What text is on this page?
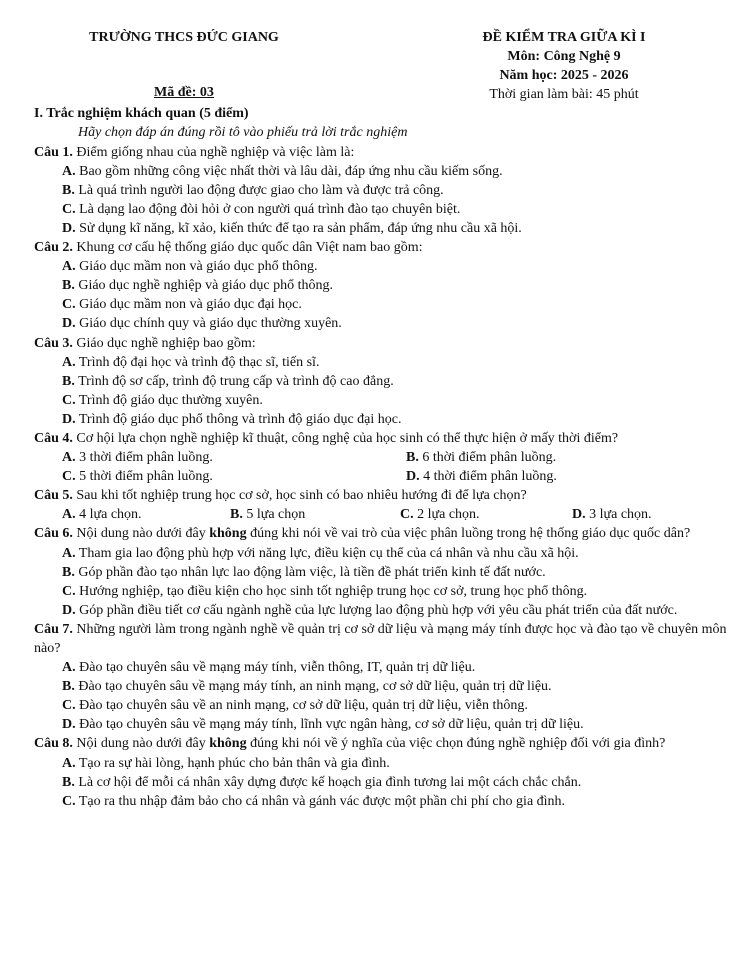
TRƯỜNG THCS ĐỨC GIANG
Mã đề: 03
ĐỀ KIỂM TRA GIỮA KÌ I
Môn: Công Nghệ 9
Năm học: 2025 - 2026
Thời gian làm bài: 45 phút
I. Trắc nghiệm khách quan (5 điểm)
Hãy chọn đáp án đúng rồi tô vào phiếu trả lời trắc nghiệm
Câu 1. Điểm giống nhau của nghề nghiệp và việc làm là:
A. Bao gồm những công việc nhất thời và lâu dài, đáp ứng nhu cầu kiếm sống.
B. Là quá trình người lao động được giao cho làm và được trả công.
C. Là dạng lao động đòi hỏi ở con người quá trình đào tạo chuyên biệt.
D. Sử dụng kĩ năng, kĩ xảo, kiến thức để tạo ra sản phẩm, đáp ứng nhu cầu xã hội.
Câu 2. Khung cơ cấu hệ thống giáo dục quốc dân Việt nam bao gồm:
A. Giáo dục mầm non và giáo dục phổ thông.
B. Giáo dục nghề nghiệp và giáo dục phổ thông.
C. Giáo dục mầm non và giáo dục đại học.
D. Giáo dục chính quy và giáo dục thường xuyên.
Câu 3. Giáo dục nghề nghiệp bao gồm:
A. Trình độ đại học và trình độ thạc sĩ, tiến sĩ.
B. Trình độ sơ cấp, trình độ trung cấp và trình độ cao đẳng.
C. Trình độ giáo dục thường xuyên.
D. Trình độ giáo dục phổ thông và trình độ giáo dục đại học.
Câu 4. Cơ hội lựa chọn nghề nghiệp kĩ thuật, công nghệ của học sinh có thể thực hiện ở mấy thời điểm?
A. 3 thời điểm phân luồng.	B. 6 thời điểm phân luồng.
C. 5 thời điểm phân luồng.	D. 4 thời điểm phân luồng.
Câu 5. Sau khi tốt nghiệp trung học cơ sở, học sinh có bao nhiêu hướng đi để lựa chọn?
A. 4 lựa chọn.	B. 5 lựa chọn	C. 2 lựa chọn.	D. 3 lựa chọn.
Câu 6. Nội dung nào dưới đây không đúng khi nói về vai trò của việc phân luồng trong hệ thống giáo dục quốc dân?
A. Tham gia lao động phù hợp với năng lực, điều kiện cụ thể của cá nhân và nhu cầu xã hội.
B. Góp phần đào tạo nhân lực lao động làm việc, là tiền đề phát triển kinh tế đất nước.
C. Hướng nghiệp, tạo điều kiện cho học sinh tốt nghiệp trung học cơ sở, trung học phổ thông.
D. Góp phần điều tiết cơ cấu ngành nghề của lực lượng lao động phù hợp với yêu cầu phát triển của đất nước.
Câu 7. Những người làm trong ngành nghề về quản trị cơ sở dữ liệu và mạng máy tính được học và đào tạo về chuyên môn nào?
A. Đào tạo chuyên sâu về mạng máy tính, viễn thông, IT, quản trị dữ liệu.
B. Đào tạo chuyên sâu về mạng máy tính, an ninh mạng, cơ sở dữ liệu, quản trị dữ liệu.
C. Đào tạo chuyên sâu về an ninh mạng, cơ sở dữ liệu, quản trị dữ liệu, viễn thông.
D. Đào tạo chuyên sâu về mạng máy tính, lĩnh vực ngân hàng, cơ sở dữ liệu, quản trị dữ liệu.
Câu 8. Nội dung nào dưới đây không đúng khi nói về ý nghĩa của việc chọn đúng nghề nghiệp đối với gia đình?
A. Tạo ra sự hài lòng, hạnh phúc cho bản thân và gia đình.
B. Là cơ hội để mỗi cá nhân xây dựng được kế hoạch gia đình tương lai một cách chắc chắn.
C. Tạo ra thu nhập đảm bảo cho cá nhân và gánh vác được một phần chi phí cho gia đình.
